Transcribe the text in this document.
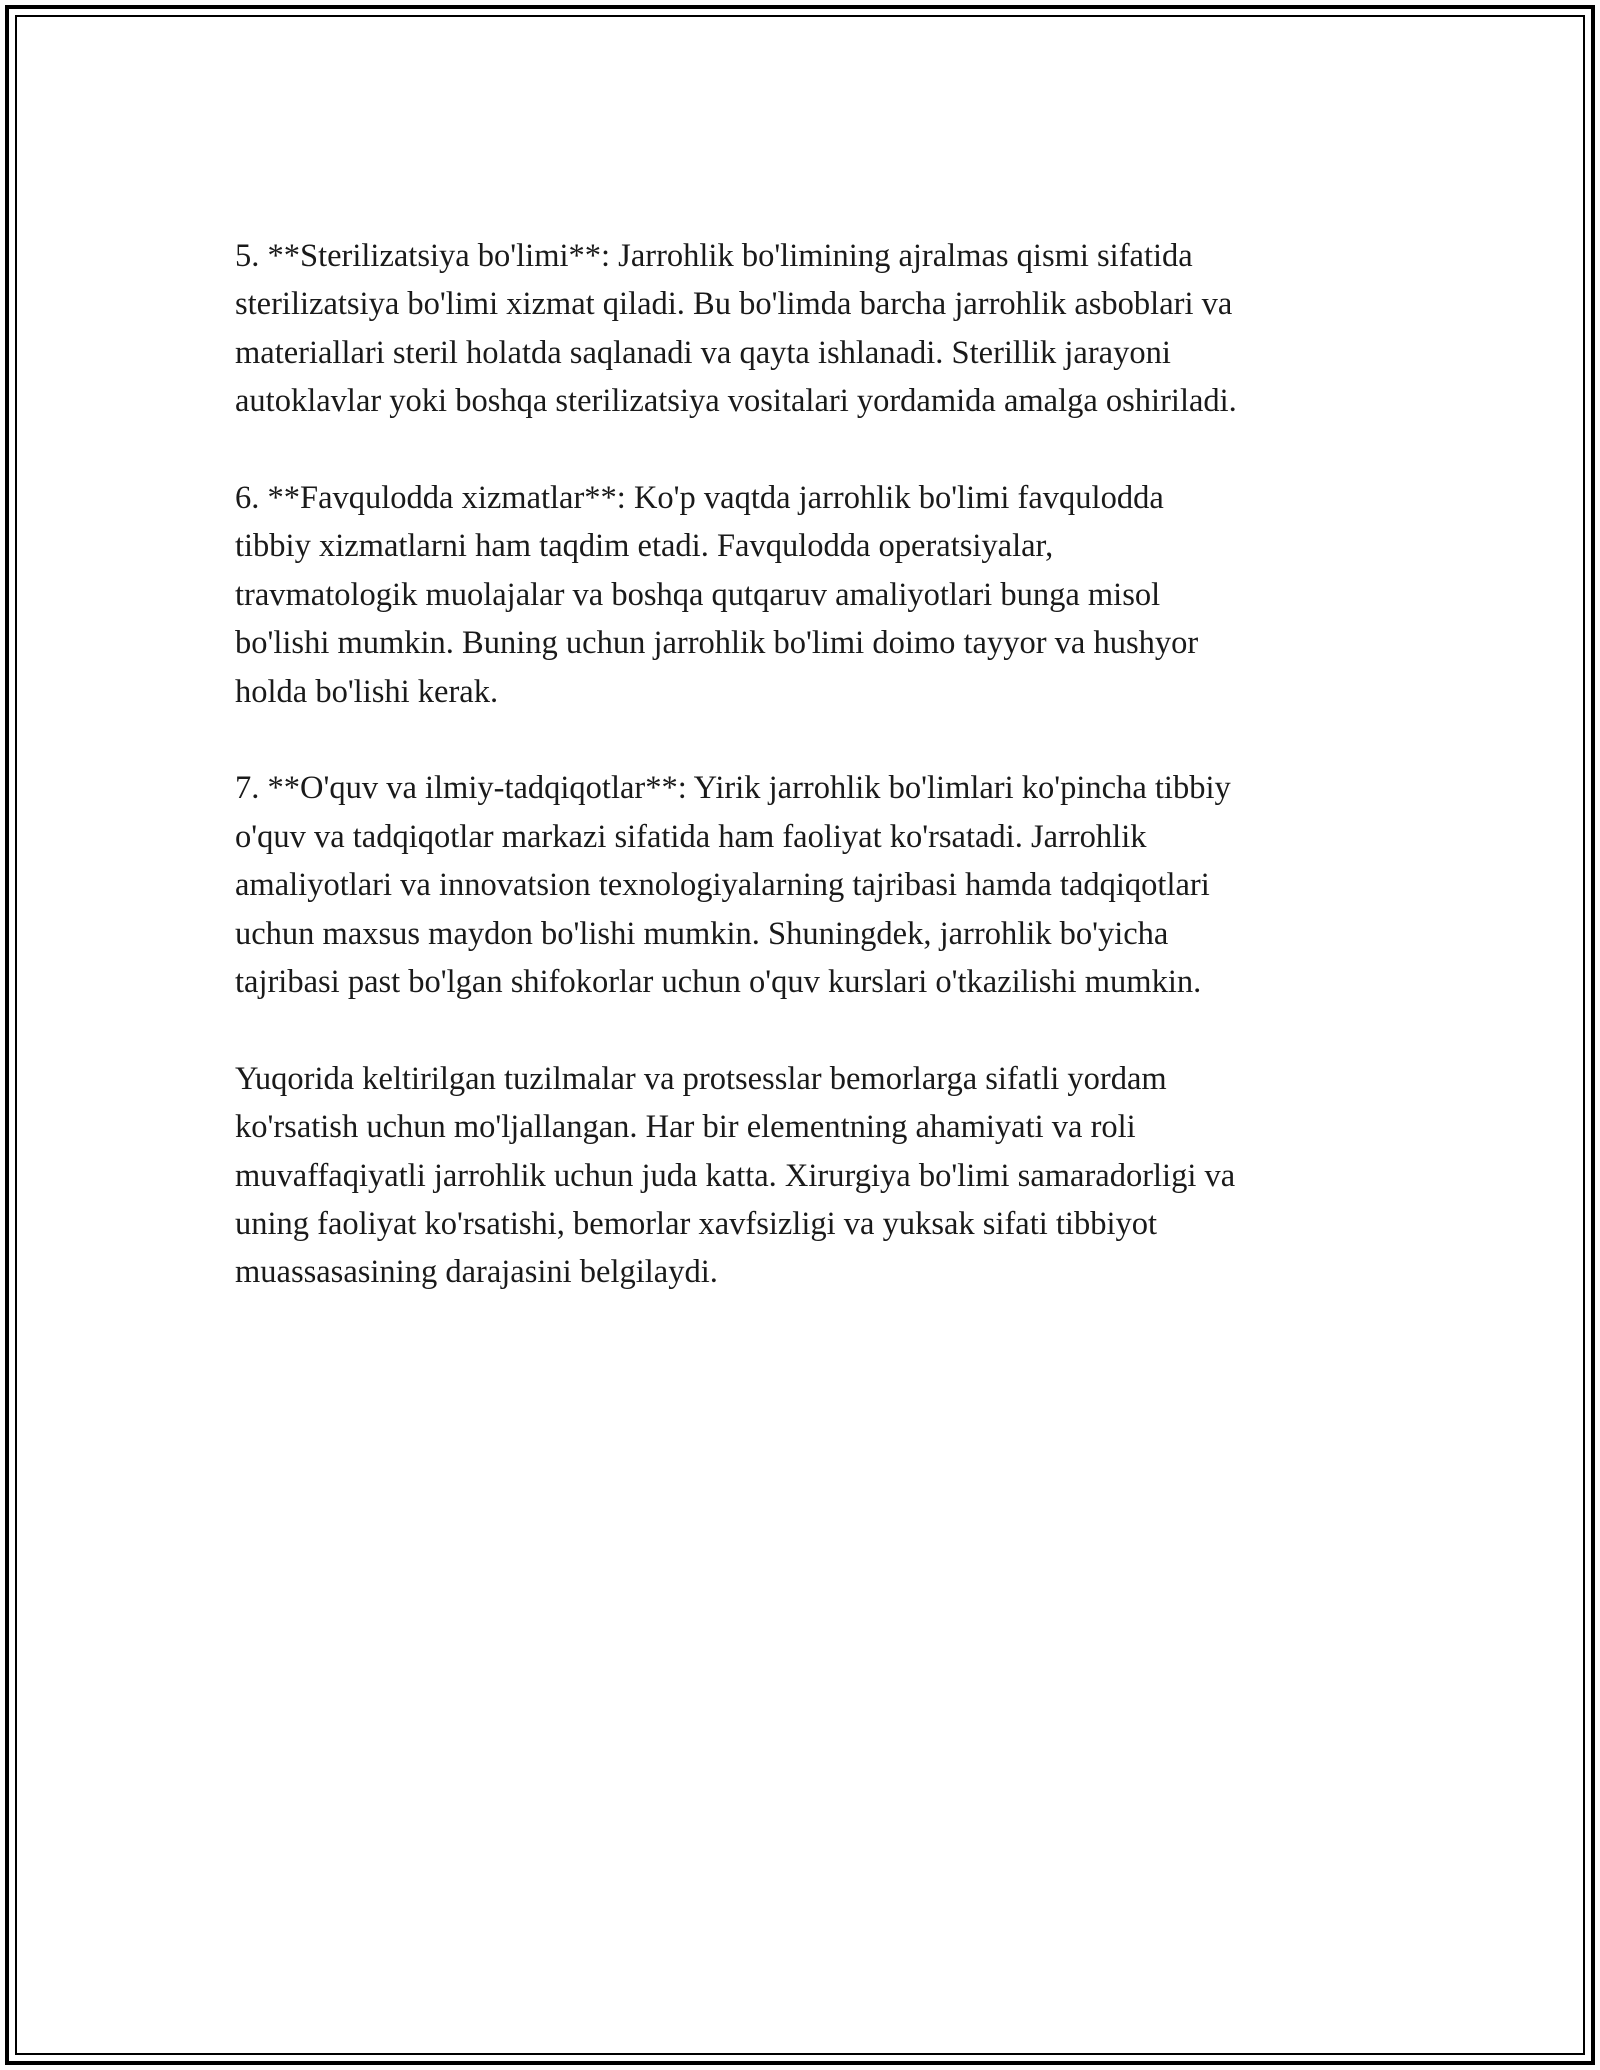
5. **Sterilizatsiya bo'limi**: Jarrohlik bo'limining ajralmas qismi sifatida
sterilizatsiya bo'limi xizmat qiladi. Bu bo'limda barcha jarrohlik asboblari va
materiallari steril holatda saqlanadi va qayta ishlanadi. Sterillik jarayoni
autoklavlar yoki boshqa sterilizatsiya vositalari yordamida amalga oshiriladi.

6. **Favqulodda xizmatlar**: Ko'p vaqtda jarrohlik bo'limi favqulodda
tibbiy xizmatlarni ham taqdim etadi. Favqulodda operatsiyalar,
travmatologik muolajalar va boshqa qutqaruv amaliyotlari bunga misol
bo'lishi mumkin. Buning uchun jarrohlik bo'limi doimo tayyor va hushyor
holda bo'lishi kerak.

7. **O'quv va ilmiy-tadqiqotlar**: Yirik jarrohlik bo'limlari ko'pincha tibbiy
o'quv va tadqiqotlar markazi sifatida ham faoliyat ko'rsatadi. Jarrohlik
amaliyotlari va innovatsion texnologiyalarning tajribasi hamda tadqiqotlari
uchun maxsus maydon bo'lishi mumkin. Shuningdek, jarrohlik bo'yicha
tajribasi past bo'lgan shifokorlar uchun o'quv kurslari o'tkazilishi mumkin.

Yuqorida keltirilgan tuzilmalar va protsesslar bemorlarga sifatli yordam
ko'rsatish uchun mo'ljallangan. Har bir elementning ahamiyati va roli
muvaffaqiyatli jarrohlik uchun juda katta. Xirurgiya bo'limi samaradorligi va
uning faoliyat ko'rsatishi, bemorlar xavfsizligi va yuksak sifati tibbiyot
muassasasining darajasini belgilaydi.
